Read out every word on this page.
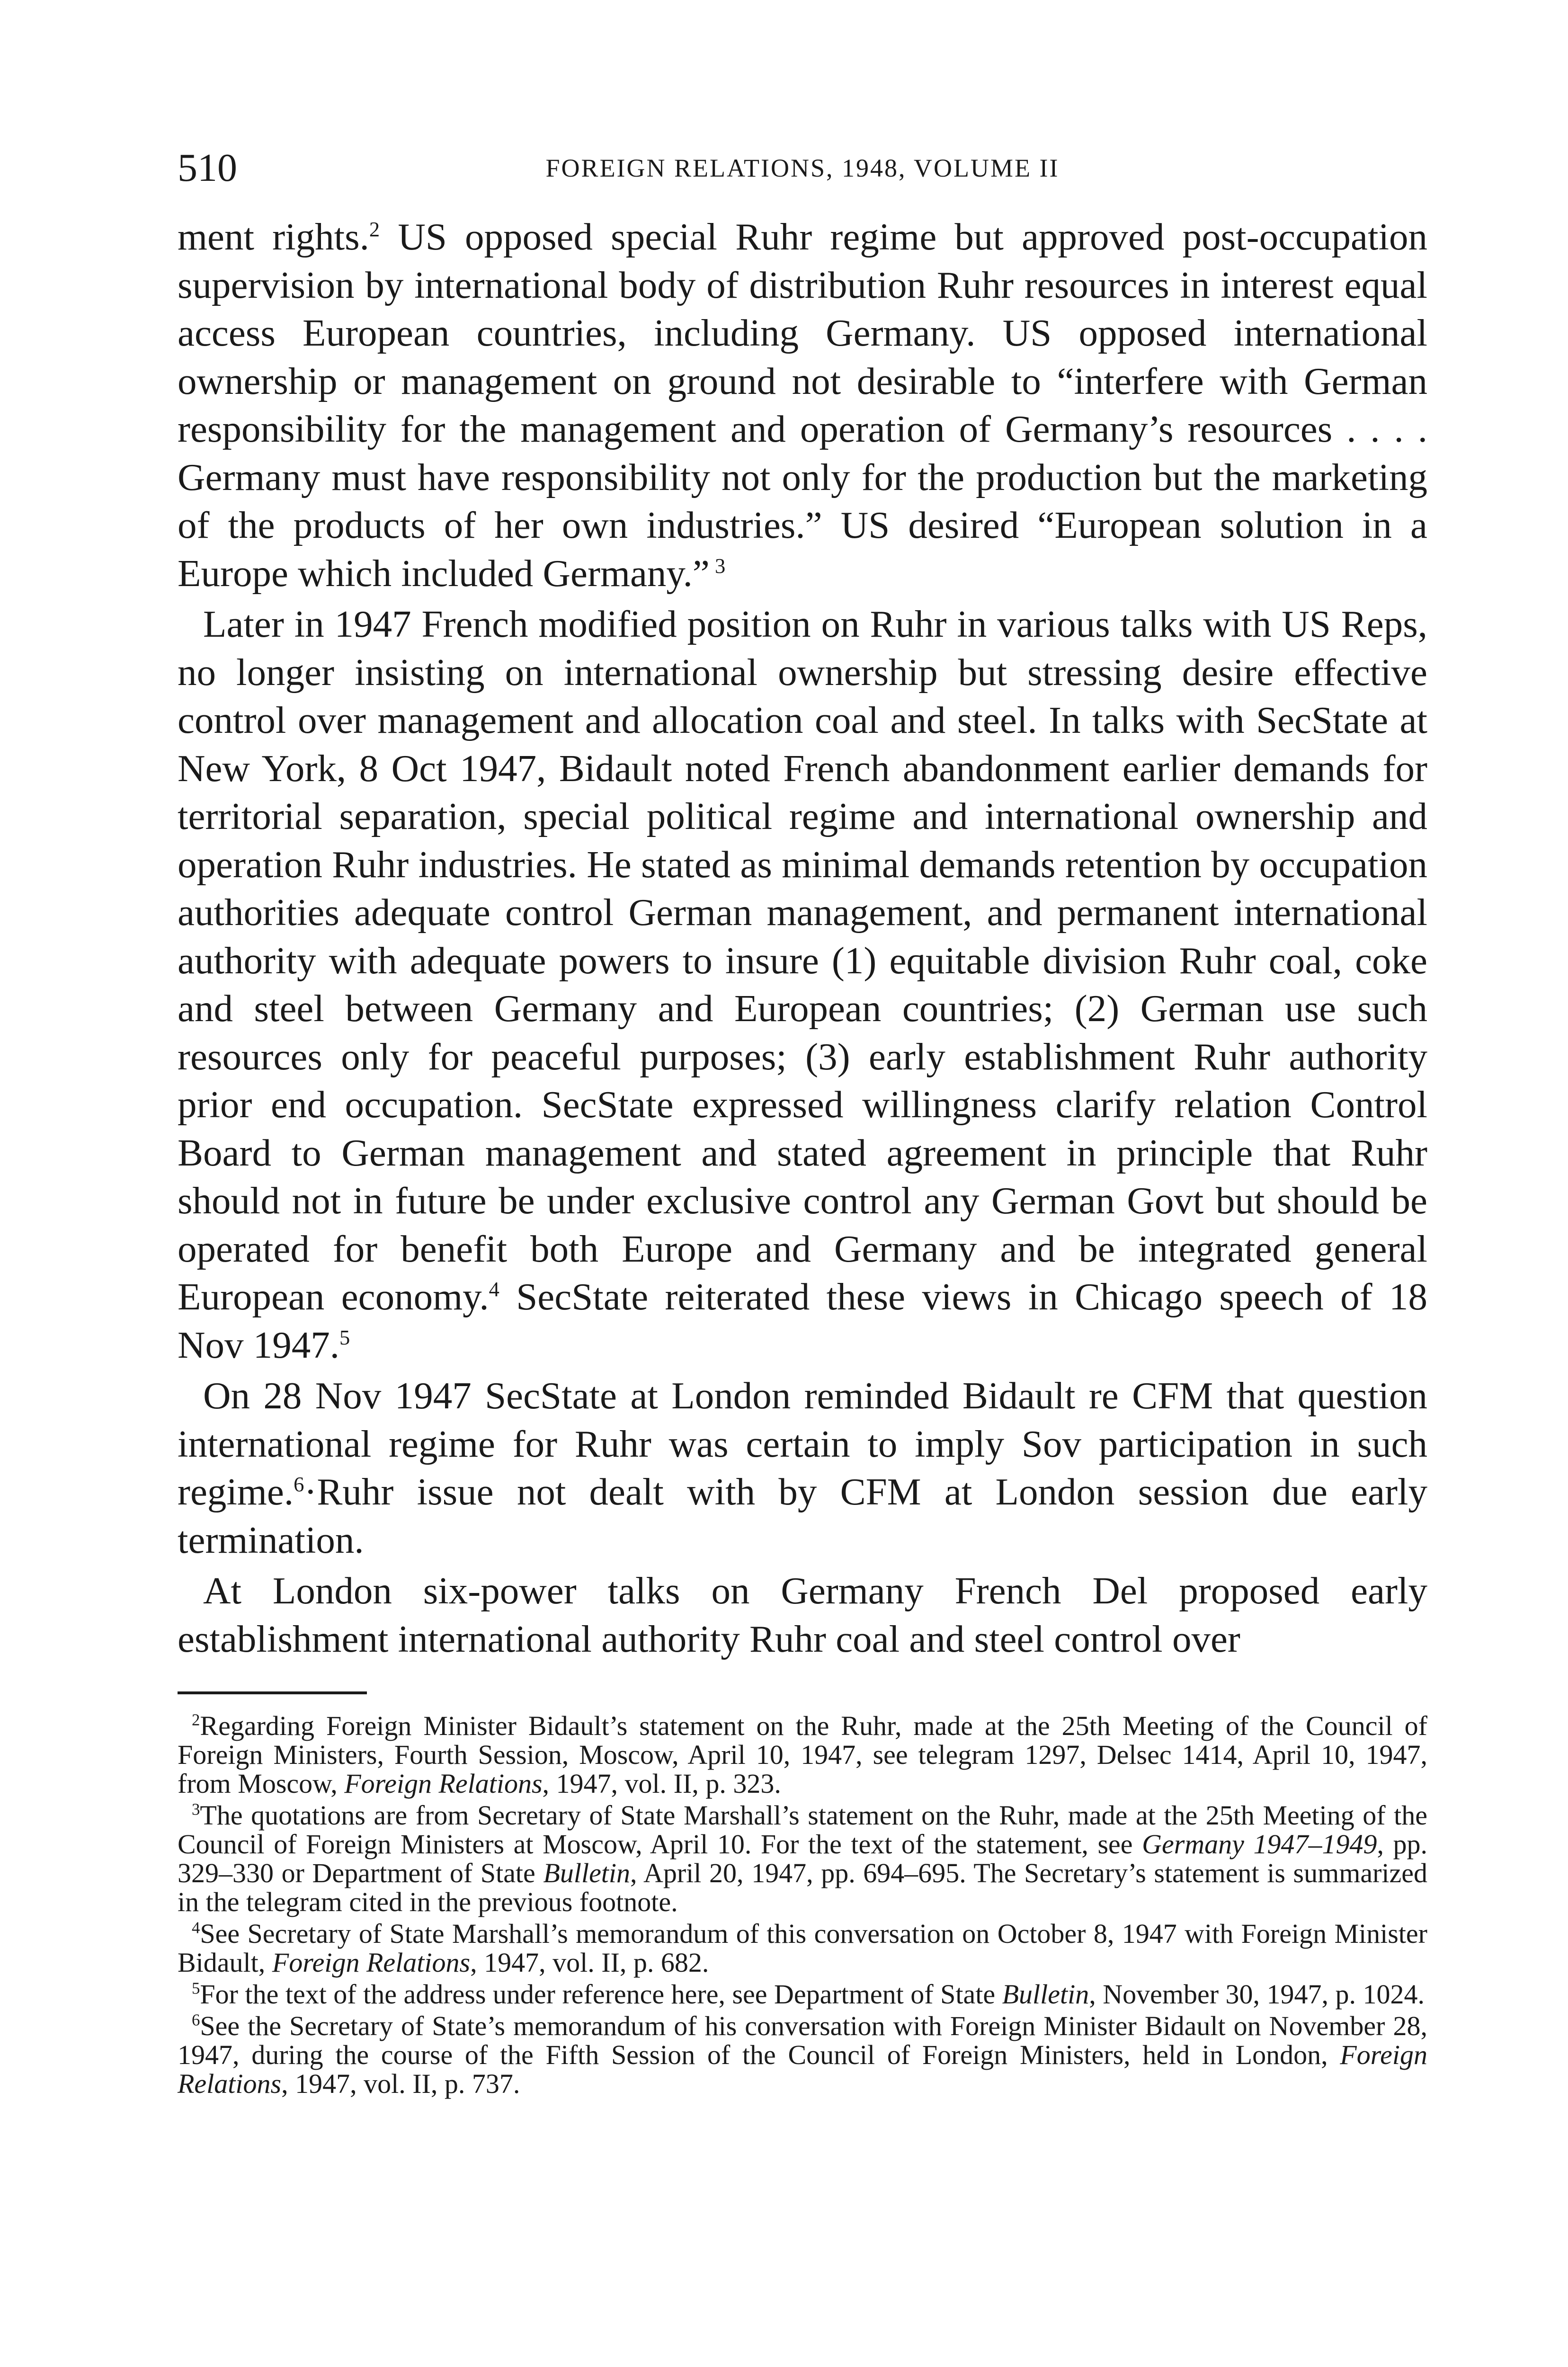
510	FOREIGN RELATIONS, 1948, VOLUME II

ment rights.$^2$ US opposed special Ruhr regime but approved post-occupation supervision by international body of distribution Ruhr resources in interest equal access European countries, including Germany. US opposed international ownership or management on ground not desirable to “interfere with German responsibility for the management and operation of Germany’s resources . . . . Germany must have responsibility not only for the production but the marketing of the products of her own industries.” US desired “European solution in a Europe which included Germany.” $^3$

Later in 1947 French modified position on Ruhr in various talks with US Reps, no longer insisting on international ownership but stressing desire effective control over management and allocation coal and steel. In talks with SecState at New York, 8 Oct 1947, Bidault noted French abandonment earlier demands for territorial separation, special political regime and international ownership and operation Ruhr industries. He stated as minimal demands retention by occupation authorities adequate control German management, and permanent international authority with adequate powers to insure (1) equitable division Ruhr coal, coke and steel between Germany and European countries; (2) German use such resources only for peaceful purposes; (3) early establishment Ruhr authority prior end occupation. SecState expressed willingness clarify relation Control Board to German management and stated agreement in principle that Ruhr should not in future be under exclusive control any German Govt but should be operated for benefit both Europe and Germany and be integrated general European economy.$^4$ SecState reiterated these views in Chicago speech of 18 Nov 1947.$^5$

On 28 Nov 1947 SecState at London reminded Bidault re CFM that question international regime for Ruhr was certain to imply Sov participation in such regime.$^6$·Ruhr issue not dealt with by CFM at London session due early termination.

At London six-power talks on Germany French Del proposed early establishment international authority Ruhr coal and steel control over

$^2$Regarding Foreign Minister Bidault’s statement on the Ruhr, made at the 25th Meeting of the Council of Foreign Ministers, Fourth Session, Moscow, April 10, 1947, see telegram 1297, Delsec 1414, April 10, 1947, from Moscow, Foreign Relations, 1947, vol. II, p. 323.

$^3$The quotations are from Secretary of State Marshall’s statement on the Ruhr, made at the 25th Meeting of the Council of Foreign Ministers at Moscow, April 10. For the text of the statement, see Germany 1947–1949, pp. 329–330 or Department of State Bulletin, April 20, 1947, pp. 694–695. The Secretary’s statement is summarized in the telegram cited in the previous footnote.

$^4$See Secretary of State Marshall’s memorandum of this conversation on October 8, 1947 with Foreign Minister Bidault, Foreign Relations, 1947, vol. II, p. 682.

$^5$For the text of the address under reference here, see Department of State Bulletin, November 30, 1947, p. 1024.

$^6$See the Secretary of State’s memorandum of his conversation with Foreign Minister Bidault on November 28, 1947, during the course of the Fifth Session of the Council of Foreign Ministers, held in London, Foreign Relations, 1947, vol. II, p. 737.
